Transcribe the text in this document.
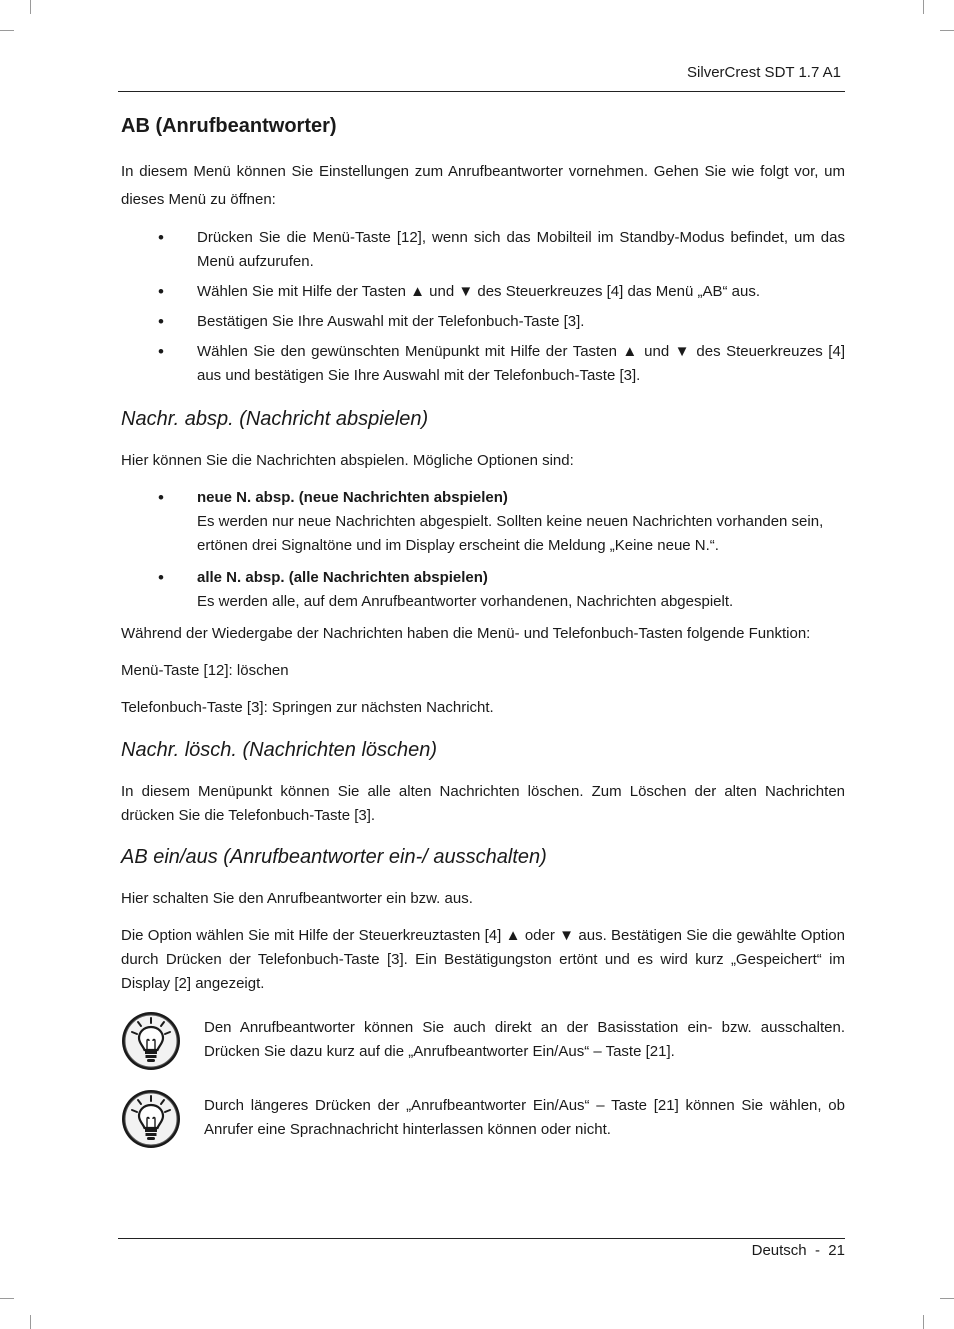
SilverCrest SDT 1.7 A1
AB (Anrufbeantworter)

In diesem Menü können Sie Einstellungen zum Anrufbeantworter vornehmen. Gehen Sie wie folgt vor, um dieses Menü zu öffnen:

• Drücken Sie die Menü-Taste [12], wenn sich das Mobilteil im Standby-Modus befindet, um das Menü aufzurufen.
• Wählen Sie mit Hilfe der Tasten ▲ und ▼ des Steuerkreuzes [4] das Menü „AB“ aus.
• Bestätigen Sie Ihre Auswahl mit der Telefonbuch-Taste [3].
• Wählen Sie den gewünschten Menüpunkt mit Hilfe der Tasten ▲ und ▼ des Steuerkreuzes [4] aus und bestätigen Sie Ihre Auswahl mit der Telefonbuch-Taste [3].
Nachr. absp. (Nachricht abspielen)

Hier können Sie die Nachrichten abspielen. Mögliche Optionen sind:

• neue N. absp. (neue Nachrichten abspielen)
Es werden nur neue Nachrichten abgespielt. Sollten keine neuen Nachrichten vorhanden sein, ertönen drei Signaltöne und im Display erscheint die Meldung „Keine neue N.“.
• alle N. absp. (alle Nachrichten abspielen)
Es werden alle, auf dem Anrufbeantworter vorhandenen, Nachrichten abgespielt.

Während der Wiedergabe der Nachrichten haben die Menü- und Telefonbuch-Tasten folgende Funktion:

Menü-Taste [12]: löschen

Telefonbuch-Taste [3]: Springen zur nächsten Nachricht.

Nachr. lösch. (Nachrichten löschen)

In diesem Menüpunkt können Sie alle alten Nachrichten löschen. Zum Löschen der alten Nachrichten drücken Sie die Telefonbuch-Taste [3].

AB ein/aus (Anrufbeantworter ein-/ ausschalten)

Hier schalten Sie den Anrufbeantworter ein bzw. aus.

Die Option wählen Sie mit Hilfe der Steuerkreuztasten [4] ▲ oder ▼ aus. Bestätigen Sie die gewählte Option durch Drücken der Telefonbuch-Taste [3]. Ein Bestätigungston ertönt und es wird kurz „Gespeichert“ im Display [2] angezeigt.

Den Anrufbeantworter können Sie auch direkt an der Basisstation ein- bzw. ausschalten. Drücken Sie dazu kurz auf die „Anrufbeantworter Ein/Aus“ – Taste [21].

Durch längeres Drücken der „Anrufbeantworter Ein/Aus“ – Taste [21] können Sie wählen, ob Anrufer eine Sprachnachricht hinterlassen können oder nicht.

Deutsch  -  21
